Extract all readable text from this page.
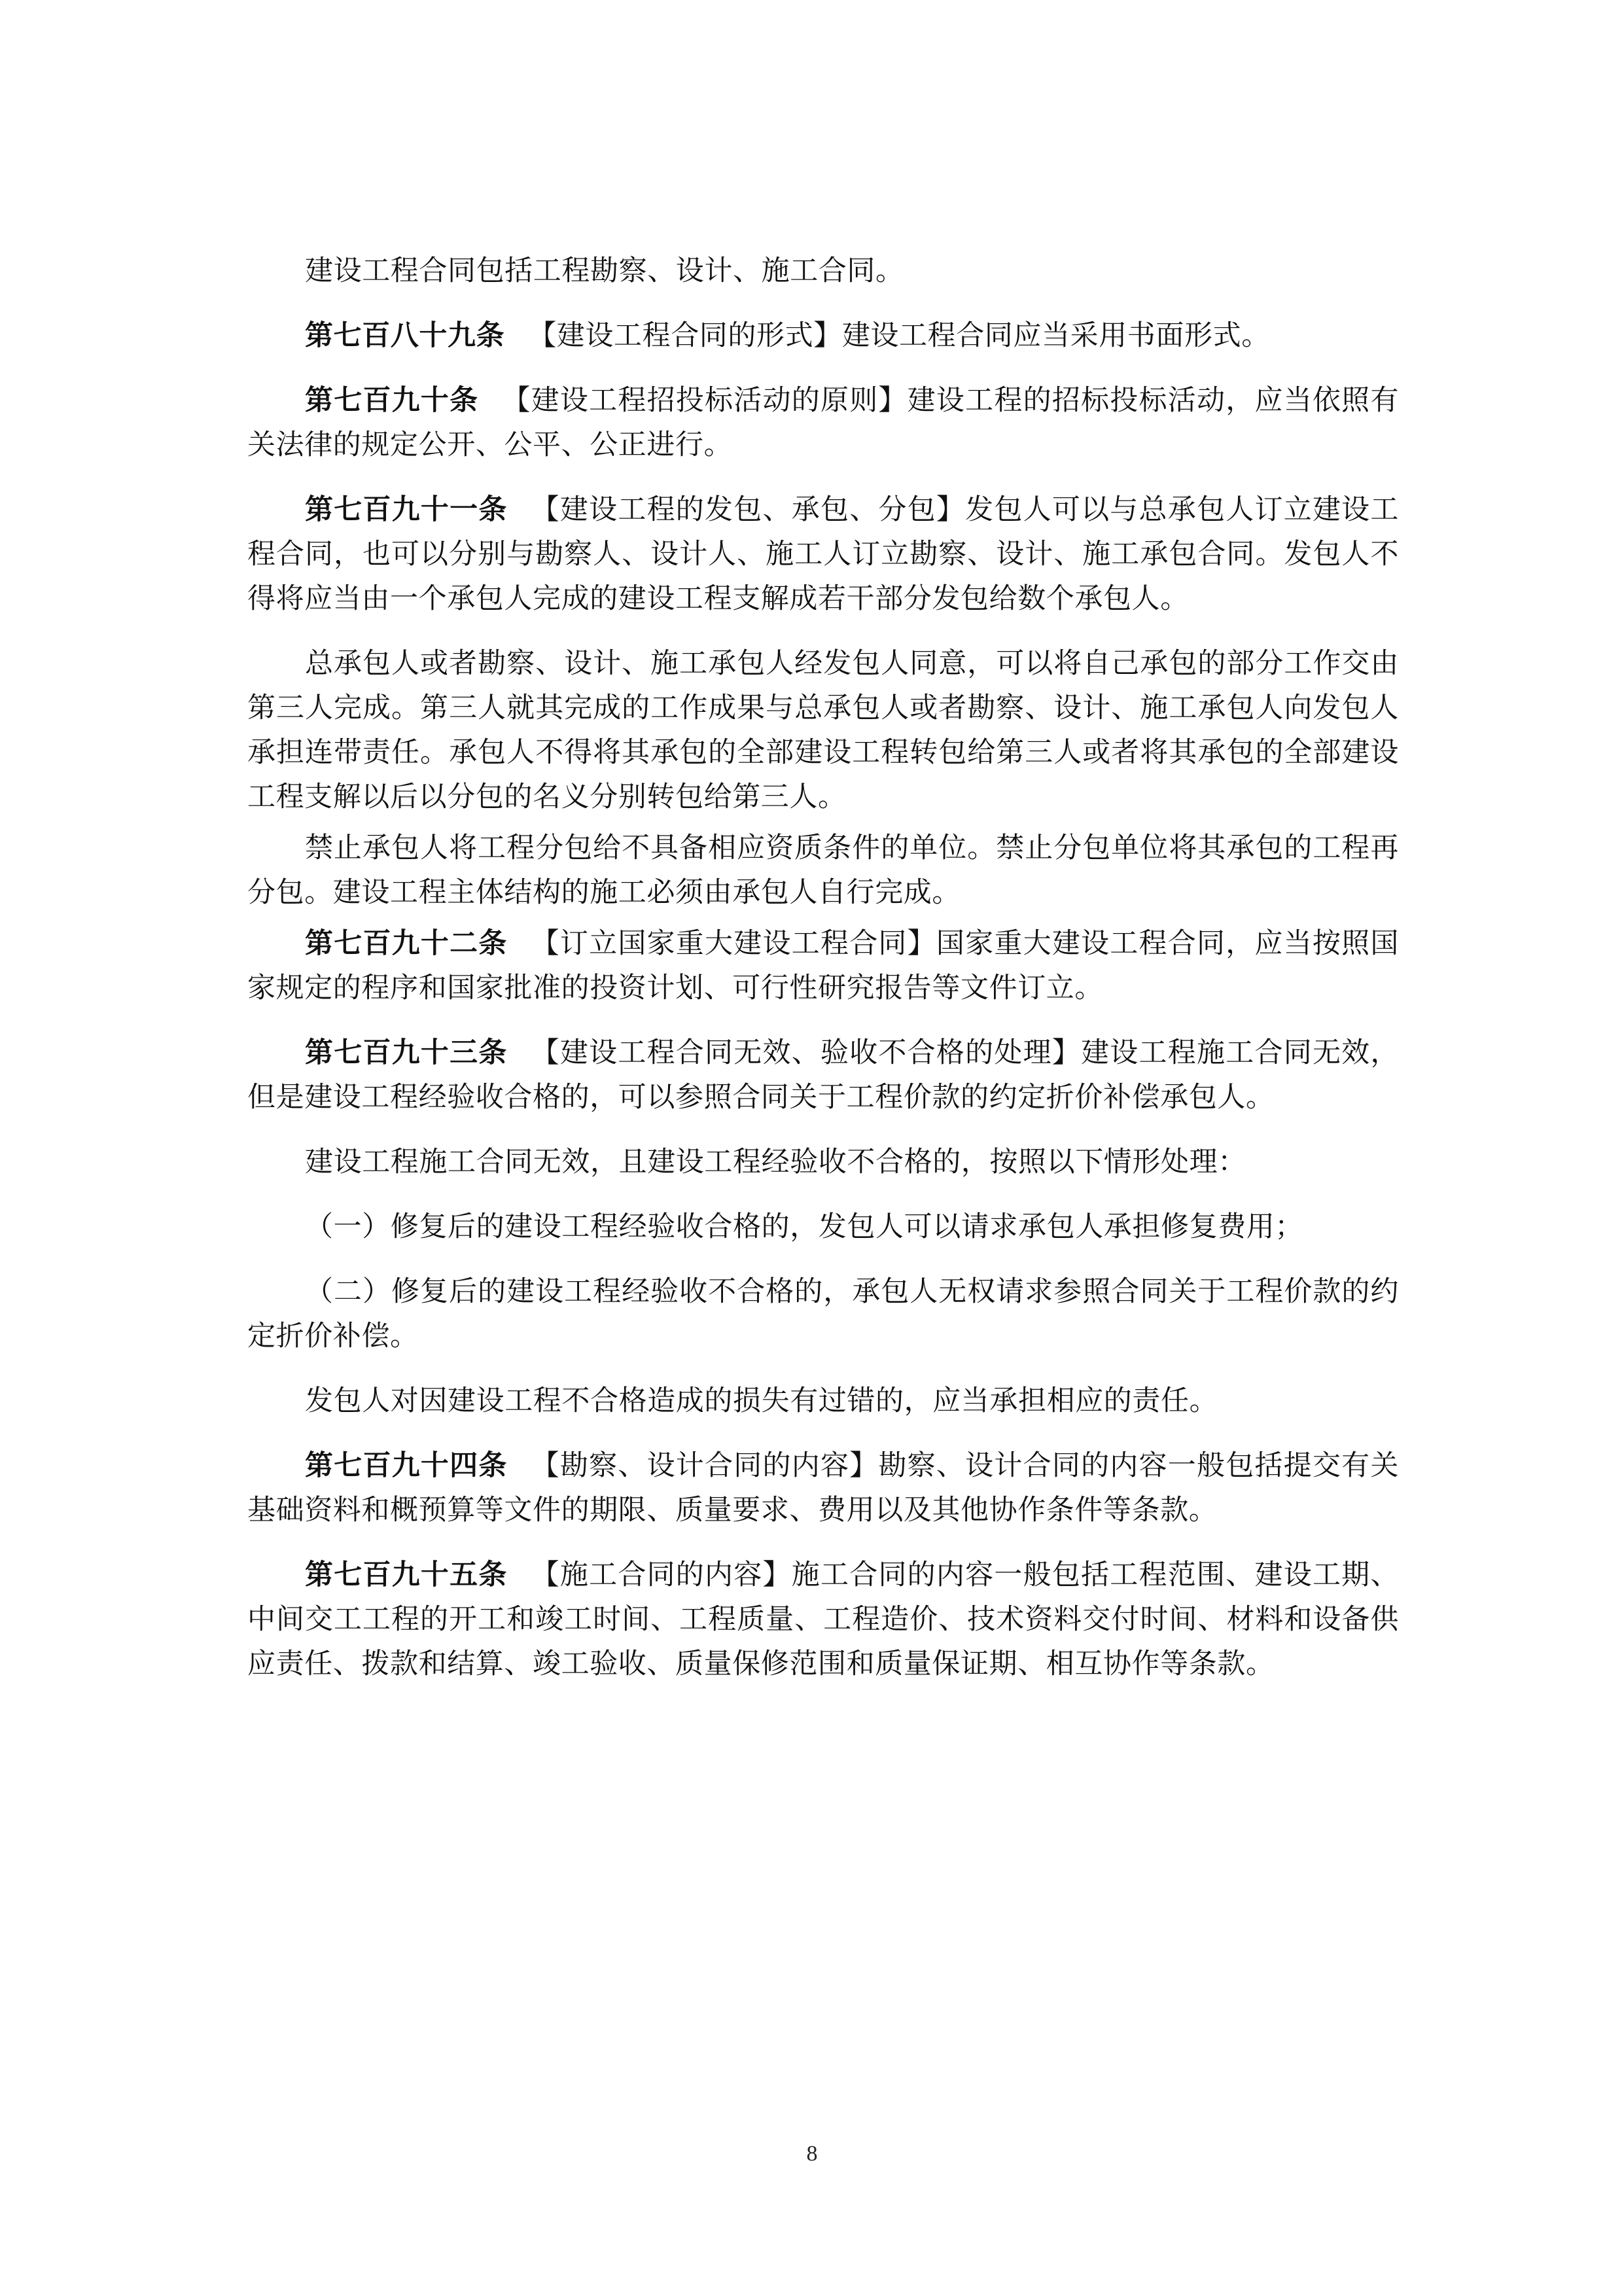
建设工程合同包括工程勘察、设计、施工合同。

第七百八十九条 【建设工程合同的形式】建设工程合同应当采用书面形式。

第七百九十条 【建设工程招投标活动的原则】建设工程的招标投标活动，应当依照有关法律的规定公开、公平、公正进行。

第七百九十一条 【建设工程的发包、承包、分包】发包人可以与总承包人订立建设工程合同，也可以分别与勘察人、设计人、施工人订立勘察、设计、施工承包合同。发包人不得将应当由一个承包人完成的建设工程支解成若干部分发包给数个承包人。

总承包人或者勘察、设计、施工承包人经发包人同意，可以将自己承包的部分工作交由第三人完成。第三人就其完成的工作成果与总承包人或者勘察、设计、施工承包人向发包人承担连带责任。承包人不得将其承包的全部建设工程转包给第三人或者将其承包的全部建设工程支解以后以分包的名义分别转包给第三人。

禁止承包人将工程分包给不具备相应资质条件的单位。禁止分包单位将其承包的工程再分包。建设工程主体结构的施工必须由承包人自行完成。

第七百九十二条 【订立国家重大建设工程合同】国家重大建设工程合同，应当按照国家规定的程序和国家批准的投资计划、可行性研究报告等文件订立。

第七百九十三条 【建设工程合同无效、验收不合格的处理】建设工程施工合同无效，但是建设工程经验收合格的，可以参照合同关于工程价款的约定折价补偿承包人。

建设工程施工合同无效，且建设工程经验收不合格的，按照以下情形处理：

（一）修复后的建设工程经验收合格的，发包人可以请求承包人承担修复费用；

（二）修复后的建设工程经验收不合格的，承包人无权请求参照合同关于工程价款的约定折价补偿。

发包人对因建设工程不合格造成的损失有过错的，应当承担相应的责任。

第七百九十四条 【勘察、设计合同的内容】勘察、设计合同的内容一般包括提交有关基础资料和概预算等文件的期限、质量要求、费用以及其他协作条件等条款。

第七百九十五条 【施工合同的内容】施工合同的内容一般包括工程范围、建设工期、中间交工工程的开工和竣工时间、工程质量、工程造价、技术资料交付时间、材料和设备供应责任、拨款和结算、竣工验收、质量保修范围和质量保证期、相互协作等条款。

8
